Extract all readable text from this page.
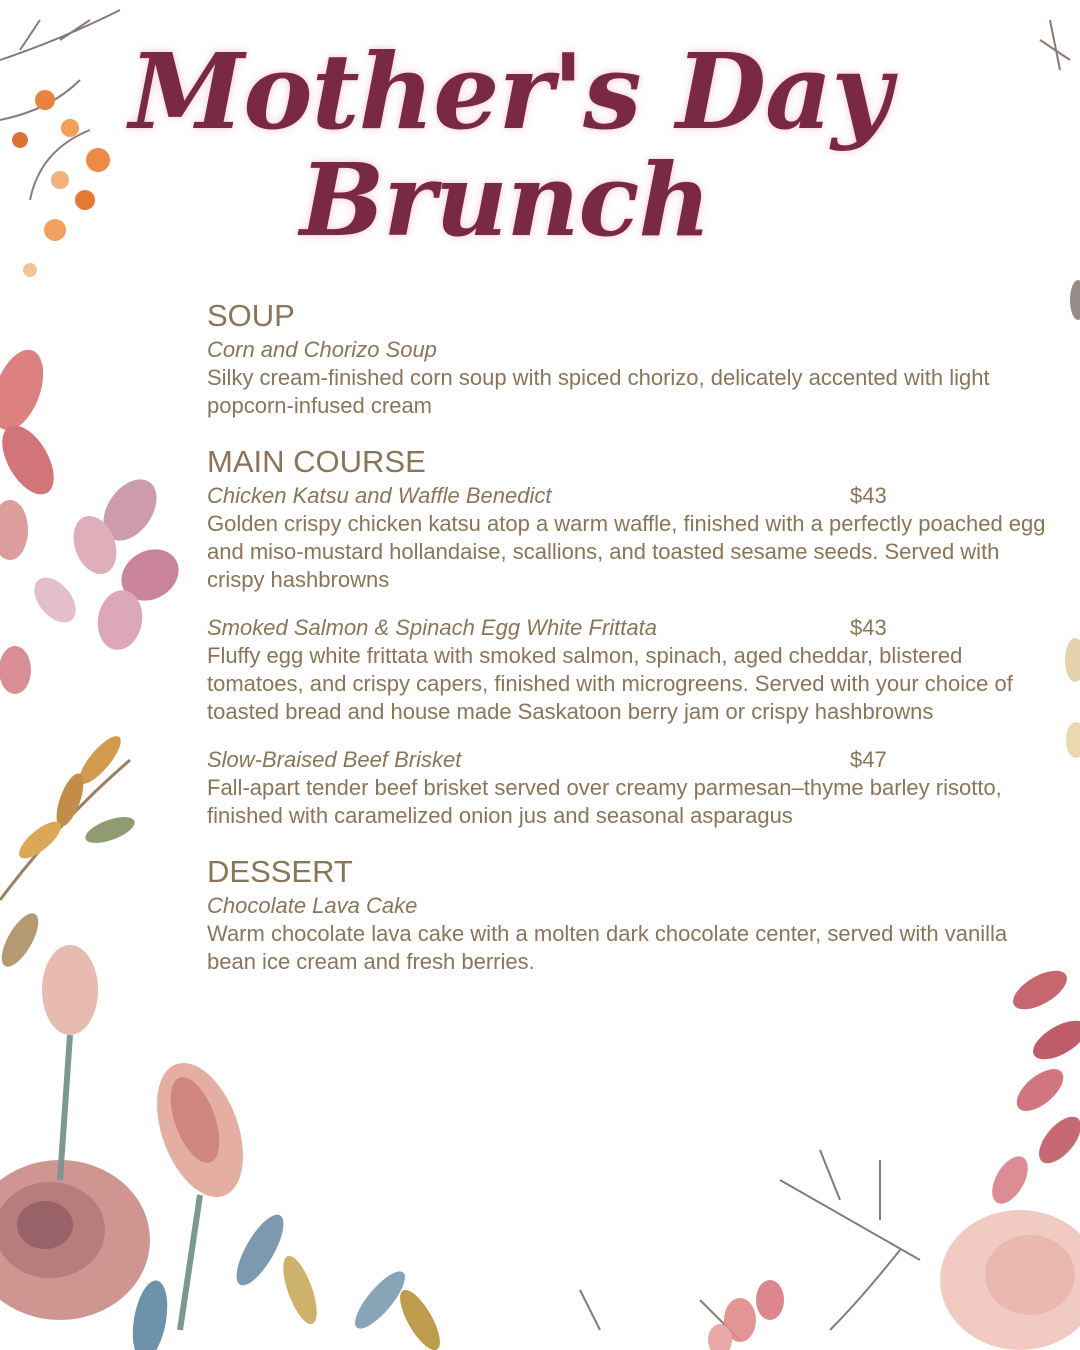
Mother's Day
Brunch
SOUP
Corn and Chorizo Soup

Silky cream-finished corn soup with spiced chorizo, delicately accented with light popcorn-infused cream

MAIN COURSE
Chicken Katsu and Waffle Benedict	$43

Golden crispy chicken katsu atop a warm waffle, finished with a perfectly poached egg and miso-mustard hollandaise, scallions, and toasted sesame seeds. Served with crispy hashbrowns

Smoked Salmon & Spinach Egg White Frittata	$43

Fluffy egg white frittata with smoked salmon, spinach, aged cheddar, blistered tomatoes, and crispy capers, finished with microgreens. Served with your choice of toasted bread and house made Saskatoon berry jam or crispy hashbrowns

Slow-Braised Beef Brisket	$47

Fall-apart tender beef brisket served over creamy parmesan–thyme barley risotto, finished with caramelized onion jus and seasonal asparagus

DESSERT
Chocolate Lava Cake

Warm chocolate lava cake with a molten dark chocolate center, served with vanilla bean ice cream and fresh berries.
